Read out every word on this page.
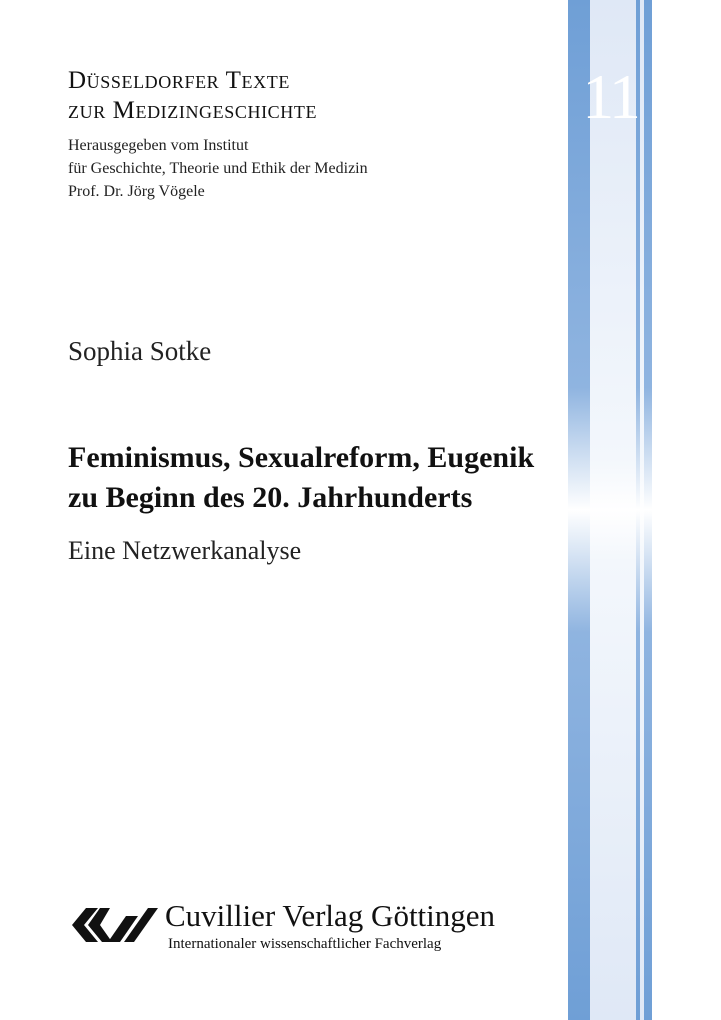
Düsseldorfer Texte
zur Medizingeschichte
Herausgegeben vom Institut
für Geschichte, Theorie und Ethik der Medizin
Prof. Dr. Jörg Vögele
Sophia Sotke
Feminismus, Sexualreform, Eugenik
zu Beginn des 20. Jahrhunderts
Eine Netzwerkanalyse
11
Cuvillier Verlag Göttingen
Internationaler wissenschaftlicher Fachverlag
